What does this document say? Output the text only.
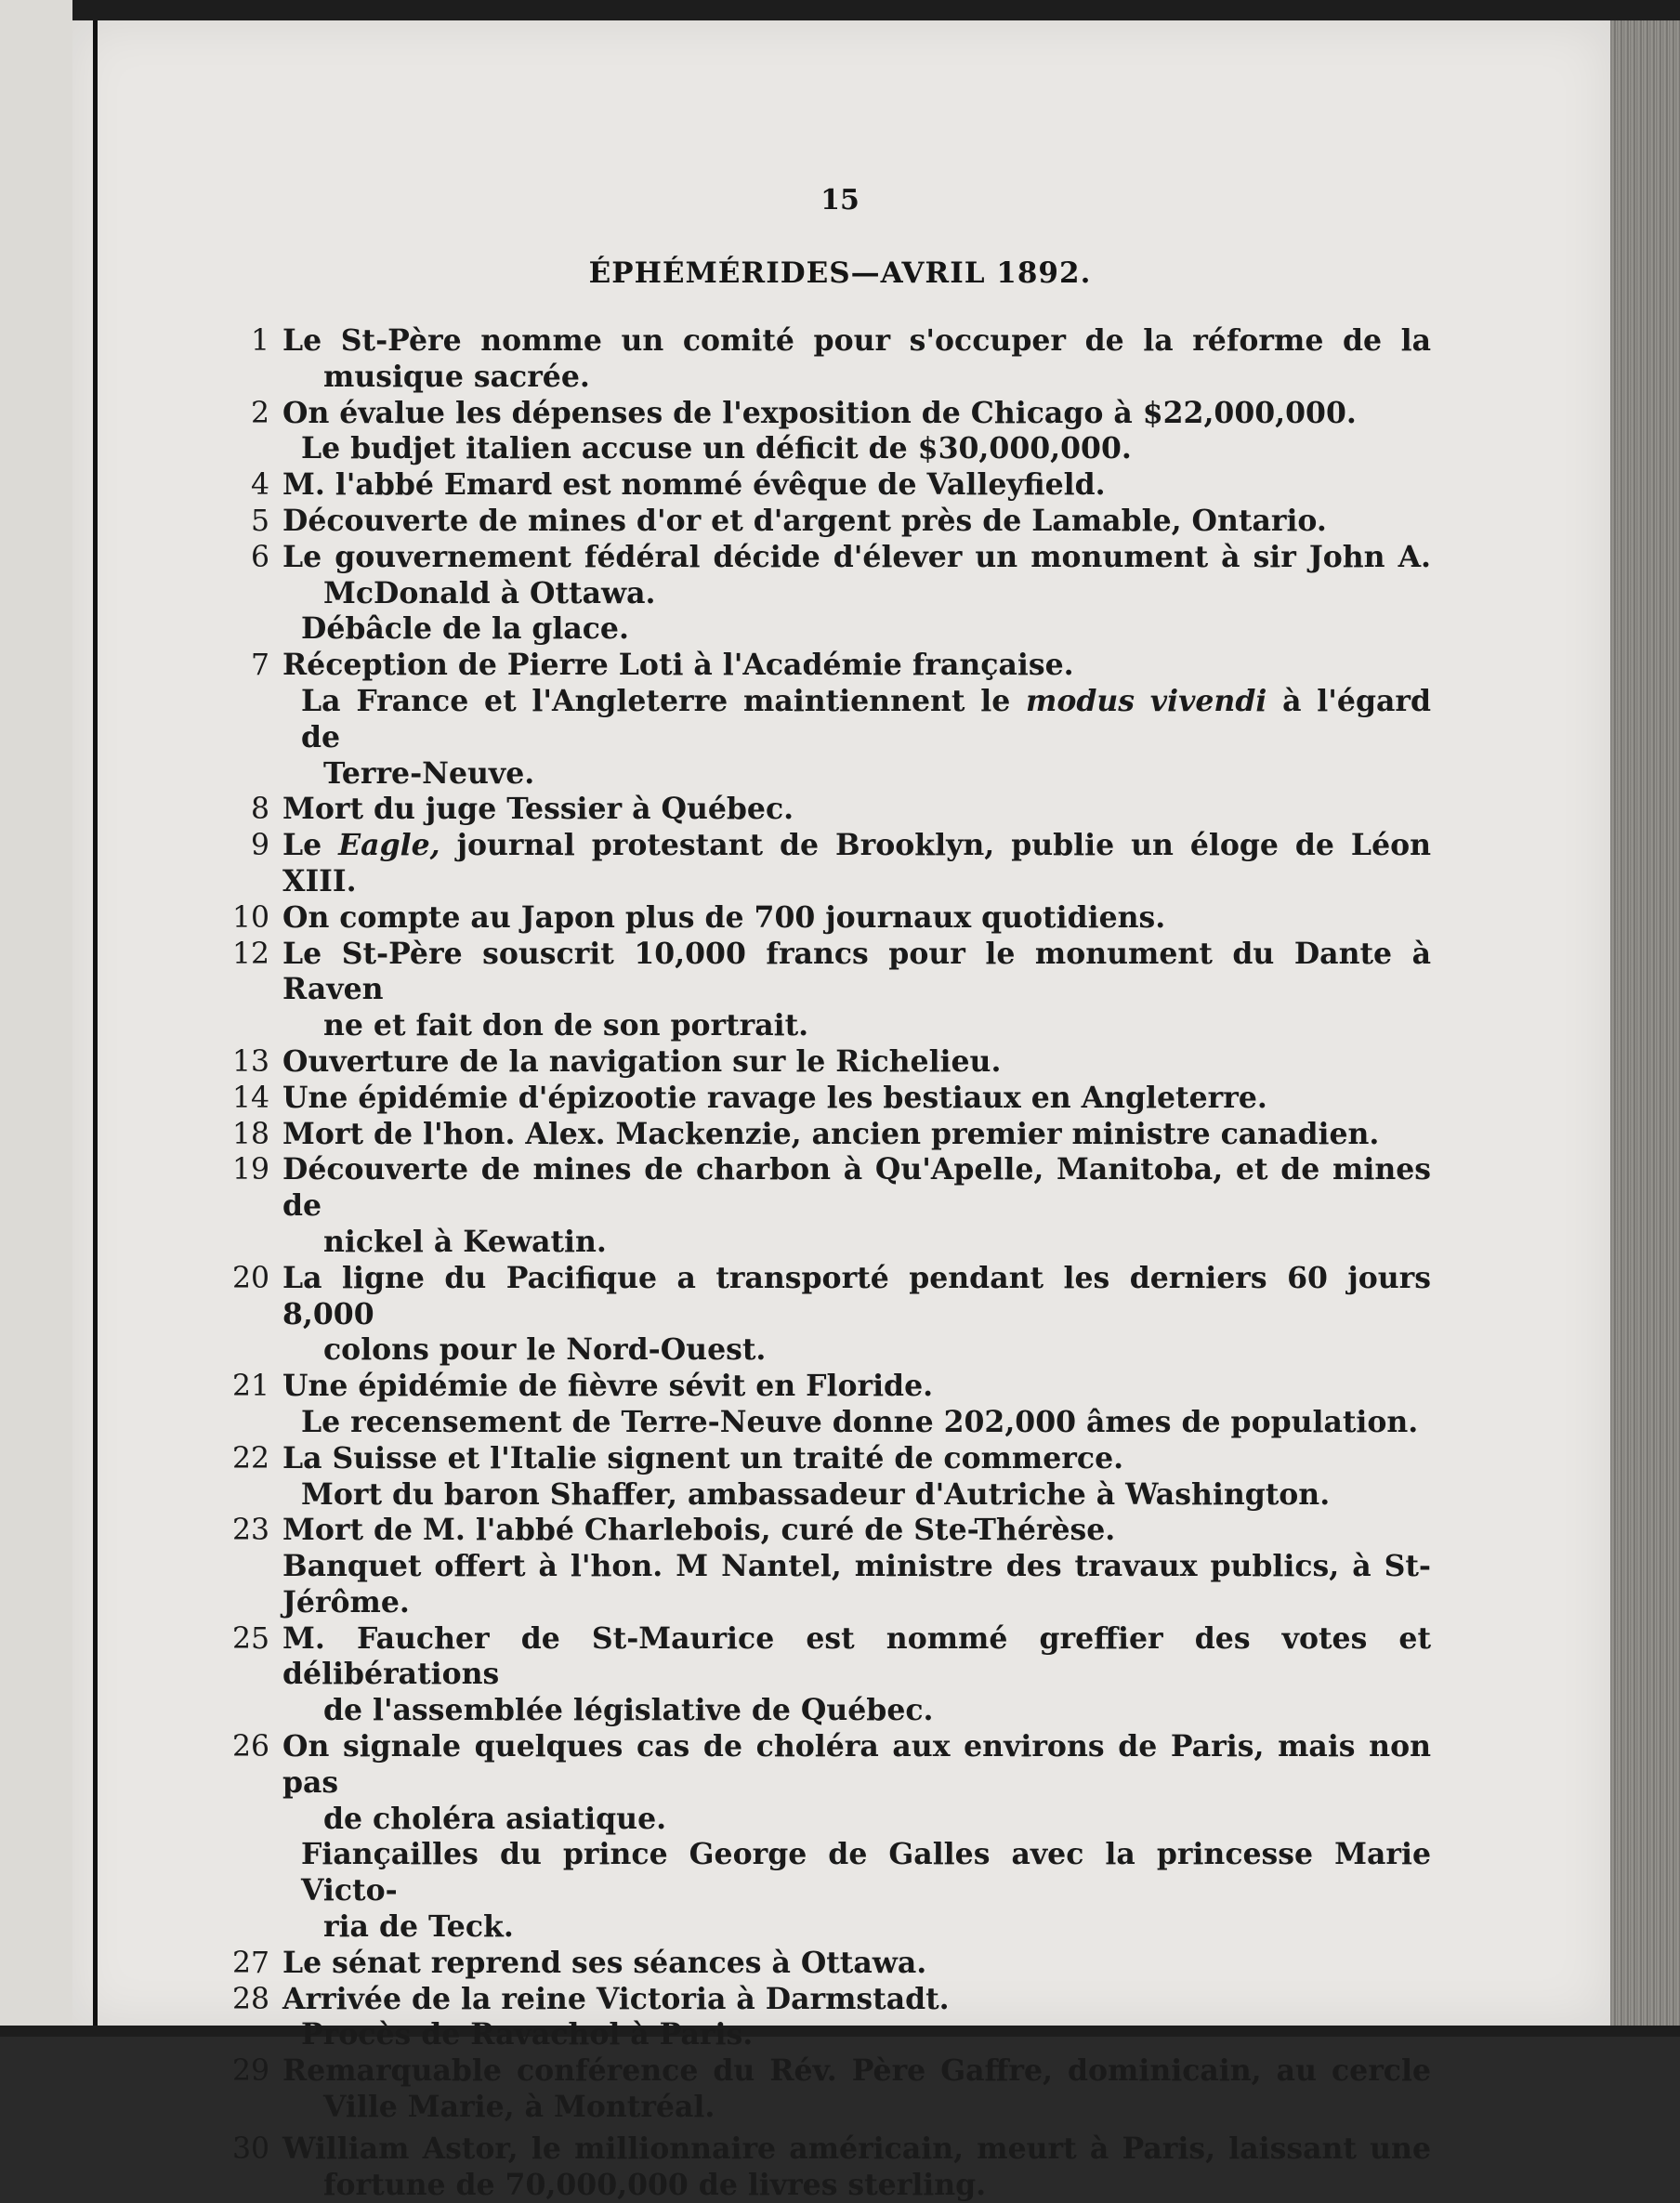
15
ÉPHÉMÉRIDES—AVRIL 1892.
1 Le St-Père nomme un comité pour s'occuper de la réforme de la
musique sacrée.
2 On évalue les dépenses de l'exposition de Chicago à $22,000,000.
Le budjet italien accuse un déficit de $30,000,000.
4 M. l'abbé Emard est nommé évêque de Valleyfield.
5 Découverte de mines d'or et d'argent près de Lamable, Ontario.
6 Le gouvernement fédéral décide d'élever un monument à sir John A.
McDonald à Ottawa.
Débâcle de la glace.
7 Réception de Pierre Loti à l'Académie française.
La France et l'Angleterre maintiennent le modus vivendi à l'égard de
Terre-Neuve.
8 Mort du juge Tessier à Québec.
9 Le Eagle, journal protestant de Brooklyn, publie un éloge de Léon XIII.
10 On compte au Japon plus de 700 journaux quotidiens.
12 Le St-Père souscrit 10,000 francs pour le monument du Dante à Raven
ne et fait don de son portrait.
13 Ouverture de la navigation sur le Richelieu.
14 Une épidémie d'épizootie ravage les bestiaux en Angleterre.
18 Mort de l'hon. Alex. Mackenzie, ancien premier ministre canadien.
19 Découverte de mines de charbon à Qu'Apelle, Manitoba, et de mines de
nickel à Kewatin.
20 La ligne du Pacifique a transporté pendant les derniers 60 jours 8,000
colons pour le Nord-Ouest.
21 Une épidémie de fièvre sévit en Floride.
Le recensement de Terre-Neuve donne 202,000 âmes de population.
22 La Suisse et l'Italie signent un traité de commerce.
Mort du baron Shaffer, ambassadeur d'Autriche à Washington.
23 Mort de M. l'abbé Charlebois, curé de Ste-Thérèse.
Banquet offert à l'hon. M Nantel, ministre des travaux publics, à St-Jérôme.
25 M. Faucher de St-Maurice est nommé greffier des votes et délibérations
de l'assemblée législative de Québec.
26 On signale quelques cas de choléra aux environs de Paris, mais non pas
de choléra asiatique.
Fiançailles du prince George de Galles avec la princesse Marie Victo-
ria de Teck.
27 Le sénat reprend ses séances à Ottawa.
28 Arrivée de la reine Victoria à Darmstadt.
Procès de Ravachol à Paris.
29 Remarquable conférence du Rév. Père Gaffre, dominicain, au cercle
Ville Marie, à Montréal.
30 William Astor, le millionnaire américain, meurt à Paris, laissant une
fortune de 70,000,000 de livres sterling.
